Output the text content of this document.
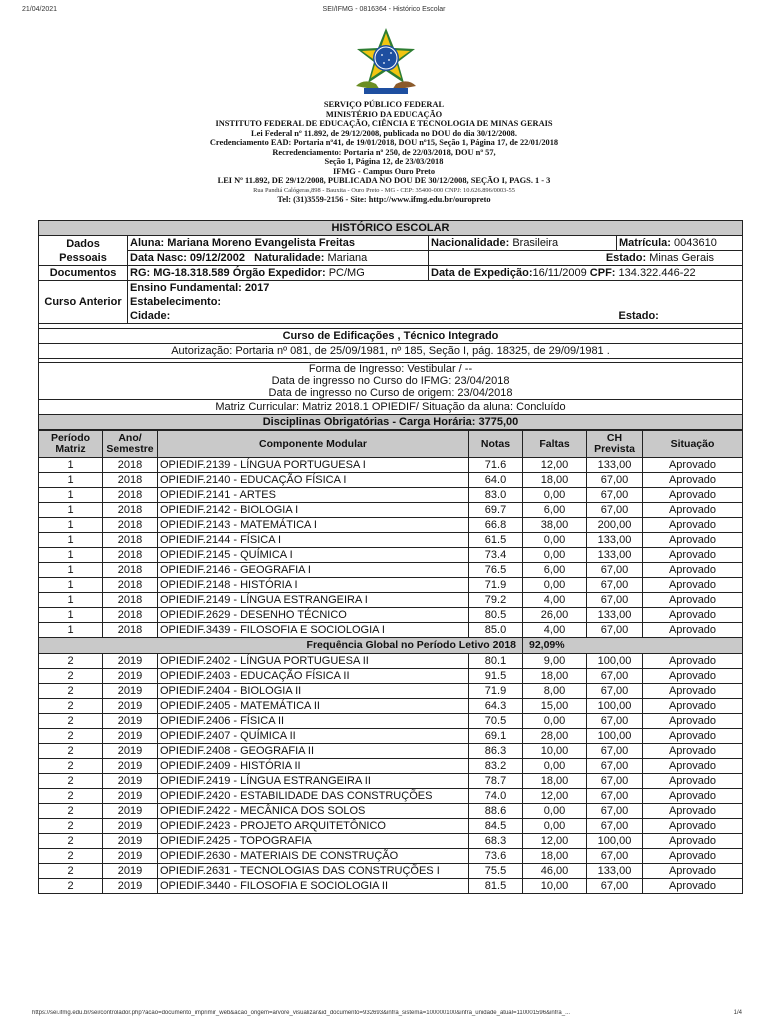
21/04/2021	SEI/IFMG - 0816364 - Histórico Escolar
SERVIÇO PÚBLICO FEDERAL
MINISTÉRIO DA EDUCAÇÃO
INSTITUTO FEDERAL DE EDUCAÇÃO, CIÊNCIA E TECNOLOGIA DE MINAS GERAIS
Lei Federal nº 11.892, de 29/12/2008, publicada no DOU do dia 30/12/2008.
Credenciamento EAD: Portaria nº41, de 19/01/2018, DOU nº15, Seção 1, Página 17, de 22/01/2018
Recredenciamento: Portaria nº 250, de 22/03/2018, DOU nº 57,
Seção 1, Página 12, de 23/03/2018
IFMG - Campus Ouro Preto
LEI Nº 11.892, DE 29/12/2008, PUBLICADA NO DOU DE 30/12/2008, SEÇÃO I, PAGS. 1 - 3
Rua Pandiá Calógeras,898 - Bauxita - Ouro Preto - MG - CEP: 35400-000 CNPJ: 10.626.896/0003-55
Tel: (31)3559-2156 - Site: http://www.ifmg.edu.br/ouropreto
HISTÓRICO ESCOLAR			
Dados Pessoais	Aluna: Mariana Moreno Evangelista Freitas	Nacionalidade: Brasileira	Matrícula: 0043610
	Data Nasc: 09/12/2002 Naturalidade: Mariana	Estado: Minas Gerais	
Documentos	RG: MG-18.318.589 Órgão Expedidor: PC/MG	Data de Expedição:16/11/2009 CPF: 134.322.446-22	
Curso Anterior	Ensino Fundamental: 2017		
	Estabelecimento:		
	Cidade:		Estado:

Curso de Edificações , Técnico Integrado			
Autorização: Portaria nº 081, de 25/09/1981, nº 185, Seção I, pág. 18325, de 29/09/1981 .			

Forma de Ingresso: Vestibular / --
Data de ingresso no Curso do IFMG: 23/04/2018
Data de ingresso no Curso de origem: 23/04/2018			

Matriz Curricular: Matriz 2018.1 OPIEDIF/ Situação da aluna: Concluído			
Disciplinas Obrigatórias - Carga Horária: 3775,00			
Período Matriz	Ano/ Semestre	Componente Modular	Notas	Faltas	CH Prevista	Situação
1	2018	OPIEDIF.2139 - LÍNGUA PORTUGUESA I	71.6	12,00	133,00	Aprovado
1	2018	OPIEDIF.2140 - EDUCAÇÃO FÍSICA I	64.0	18,00	67,00	Aprovado
1	2018	OPIEDIF.2141 - ARTES	83.0	0,00	67,00	Aprovado
1	2018	OPIEDIF.2142 - BIOLOGIA I	69.7	6,00	67,00	Aprovado
1	2018	OPIEDIF.2143 - MATEMÁTICA I	66.8	38,00	200,00	Aprovado
1	2018	OPIEDIF.2144 - FÍSICA I	61.5	0,00	133,00	Aprovado
1	2018	OPIEDIF.2145 - QUÍMICA I	73.4	0,00	133,00	Aprovado
1	2018	OPIEDIF.2146 - GEOGRAFIA I	76.5	6,00	67,00	Aprovado
1	2018	OPIEDIF.2148 - HISTÓRIA I	71.9	0,00	67,00	Aprovado
1	2018	OPIEDIF.2149 - LÍNGUA ESTRANGEIRA I	79.2	4,00	67,00	Aprovado
1	2018	OPIEDIF.2629 - DESENHO TÉCNICO	80.5	26,00	133,00	Aprovado
1	2018	OPIEDIF.3439 - FILOSOFIA E SOCIOLOGIA I	85.0	4,00	67,00	Aprovado
Frequência Global no Período Letivo 2018				92,09%		
2	2019	OPIEDIF.2402 - LÍNGUA PORTUGUESA II	80.1	9,00	100,00	Aprovado
2	2019	OPIEDIF.2403 - EDUCAÇÃO FÍSICA II	91.5	18,00	67,00	Aprovado
2	2019	OPIEDIF.2404 - BIOLOGIA II	71.9	8,00	67,00	Aprovado
2	2019	OPIEDIF.2405 - MATEMÁTICA II	64.3	15,00	100,00	Aprovado
2	2019	OPIEDIF.2406 - FÍSICA II	70.5	0,00	67,00	Aprovado
2	2019	OPIEDIF.2407 - QUÍMICA II	69.1	28,00	100,00	Aprovado
2	2019	OPIEDIF.2408 - GEOGRAFIA II	86.3	10,00	67,00	Aprovado
2	2019	OPIEDIF.2409 - HISTÓRIA II	83.2	0,00	67,00	Aprovado
2	2019	OPIEDIF.2419 - LÍNGUA ESTRANGEIRA II	78.7	18,00	67,00	Aprovado
2	2019	OPIEDIF.2420 - ESTABILIDADE DAS CONSTRUÇÕES	74.0	12,00	67,00	Aprovado
2	2019	OPIEDIF.2422 - MECÂNICA DOS SOLOS	88.6	0,00	67,00	Aprovado
2	2019	OPIEDIF.2423 - PROJETO ARQUITETÔNICO	84.5	0,00	67,00	Aprovado
2	2019	OPIEDIF.2425 - TOPOGRAFIA	68.3	12,00	100,00	Aprovado
2	2019	OPIEDIF.2630 - MATERIAIS DE CONSTRUÇÃO	73.6	18,00	67,00	Aprovado
2	2019	OPIEDIF.2631 - TECNOLOGIAS DAS CONSTRUÇÕES I	75.5	46,00	133,00	Aprovado
2	2019	OPIEDIF.3440 - FILOSOFIA E SOCIOLOGIA II	81.5	10,00	67,00	Aprovado
https://sei.ifmg.edu.br/sei/controlador.php?acao=documento_imprimir_web&acao_origem=arvore_visualizar&id_documento=932693&infra_sistema=100000100&infra_unidade_atual=110001596&infra_...	1/4
